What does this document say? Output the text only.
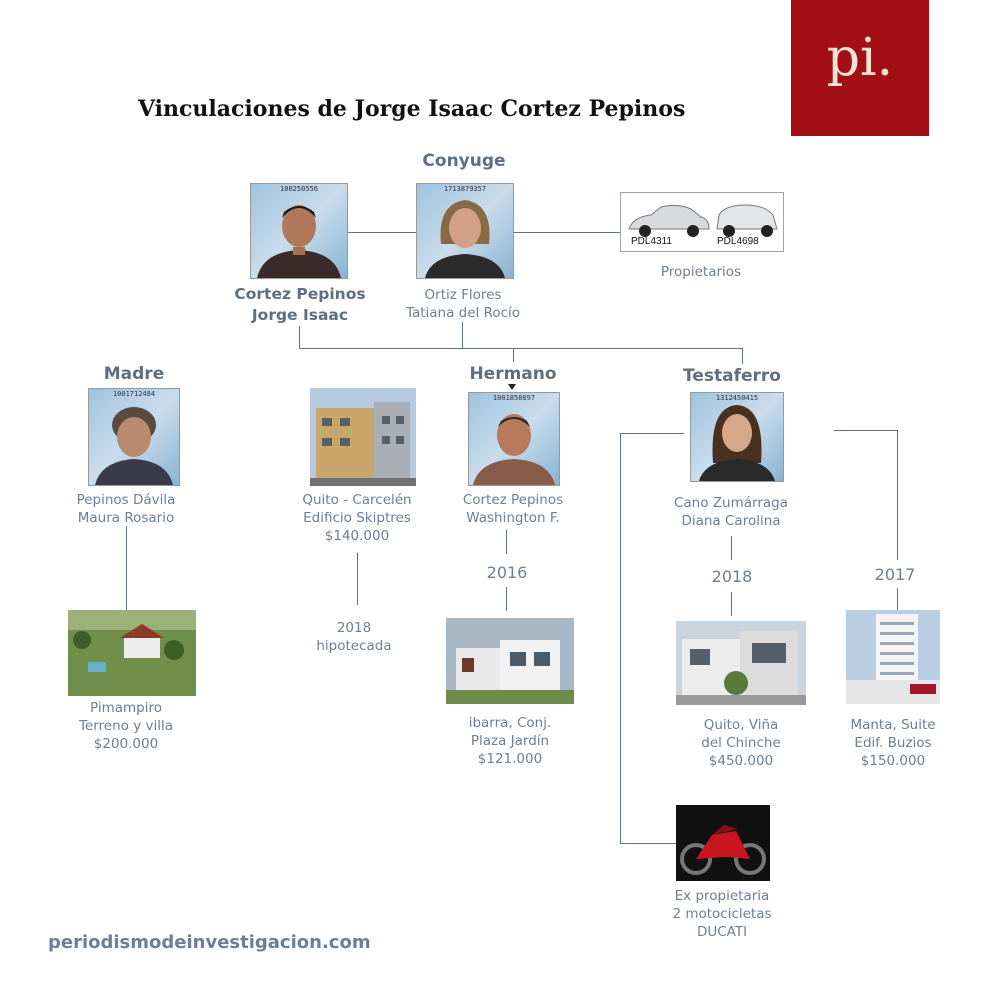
pi.
Vinculaciones de Jorge Isaac Cortez Pepinos
100250556
Cortez Pepinos
Jorge Isaac
Conyuge
1713879357
Ortiz Flores
Tatiana del Rocío
PDL4311	PDL4698
Propietarios
Madre
1001712484
Pepinos Dávila
Maura Rosario
Pimampiro
Terreno y villa
$200.000
Quito - Carcelén
Edificio Skiptres
$140.000
2018
hipotecada
Hermano
1001858897
Cortez Pepinos
Washington F.
2016
ibarra, Conj.
Plaza Jardín
$121.000
Testaferro
1312450415
Cano Zumárraga
Diana Carolina
2018	2017
Quito, Viña
del Chinche
$450.000
Manta, Suite
Edif. Buzios
$150.000
Ex propietaria
2 motocicletas
DUCATI
periodismodeinvestigacion.com
